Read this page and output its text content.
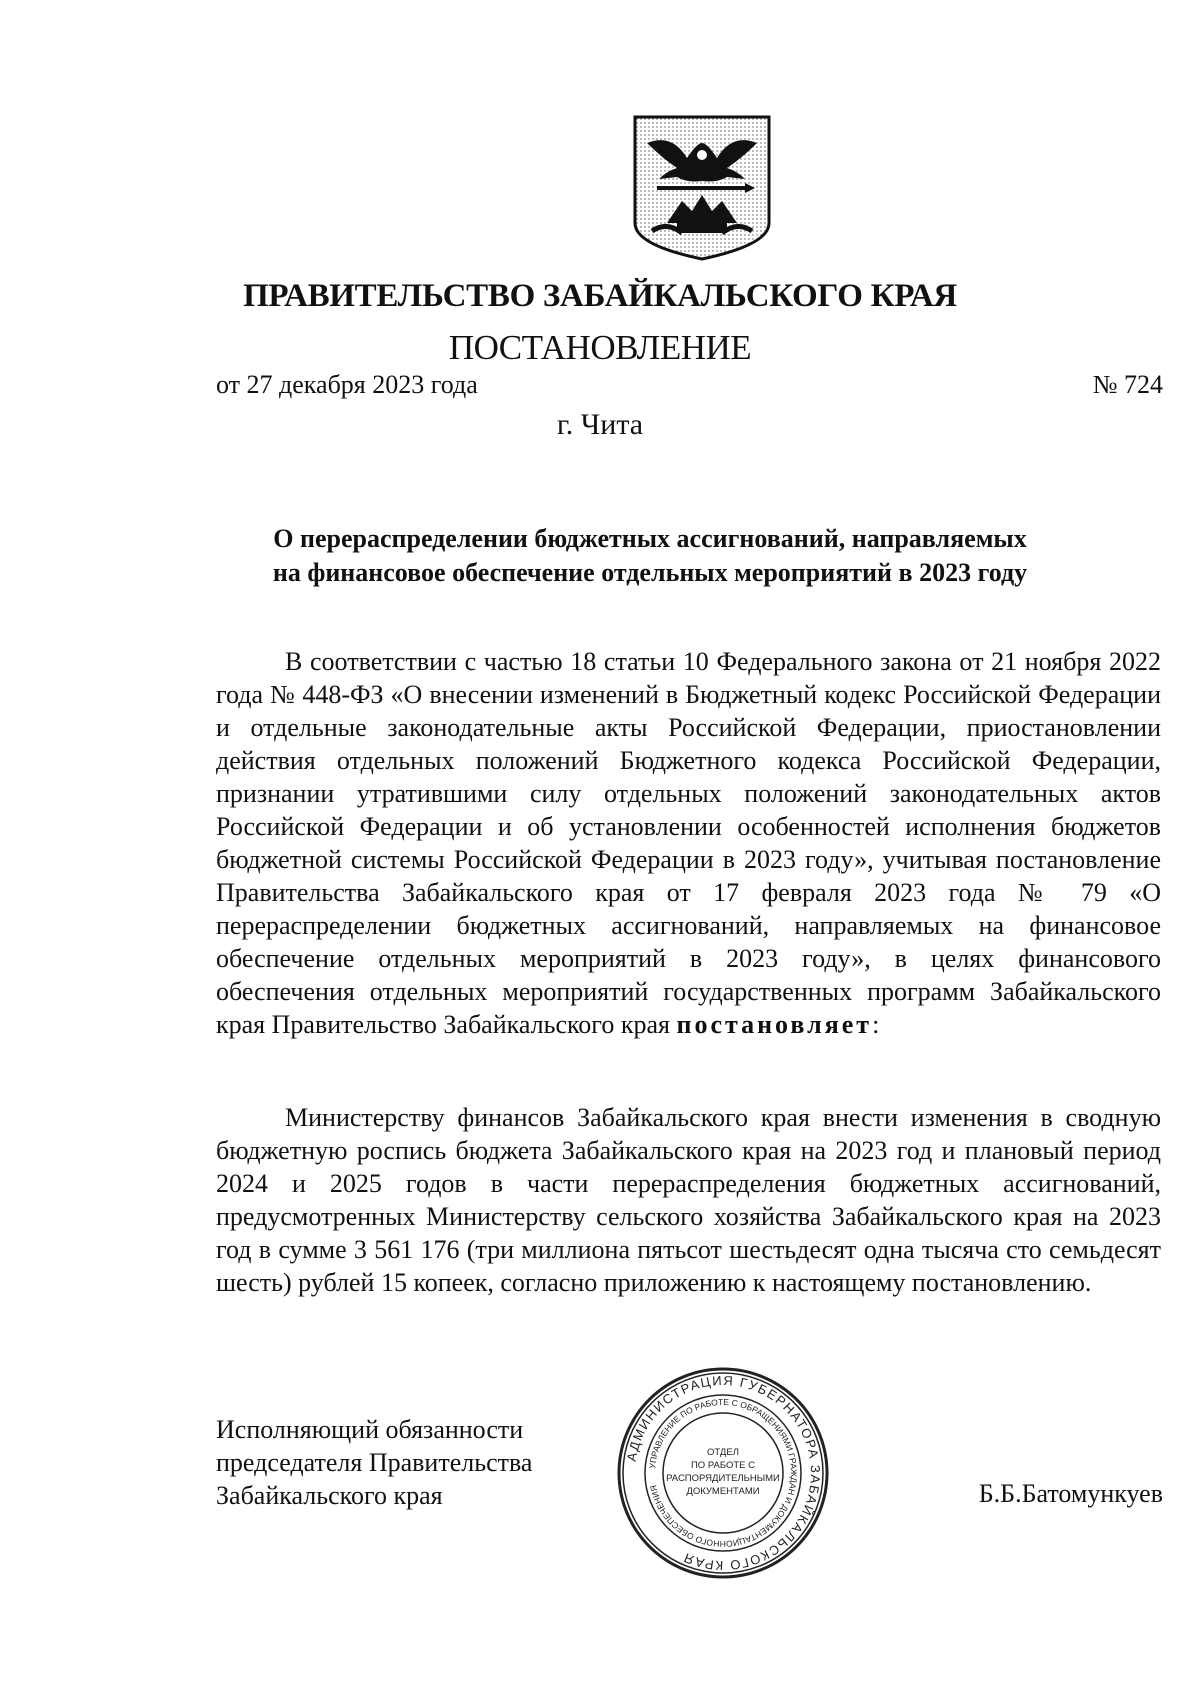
ПРАВИТЕЛЬСТВО ЗАБАЙКАЛЬСКОГО КРАЯ
ПОСТАНОВЛЕНИЕ
от 27 декабря 2023 года	№ 724
г. Чита
О перераспределении бюджетных ассигнований, направляемых
на финансовое обеспечение отдельных мероприятий в 2023 году
В соответствии с частью 18 статьи 10 Федерального закона от 21 ноября 2022 года № 448-ФЗ «О внесении изменений в Бюджетный кодекс Российской Федерации и отдельные законодательные акты Российской Федерации, приостановлении действия отдельных положений Бюджетного кодекса Российской Федерации, признании утратившими силу отдельных положений законодательных актов Российской Федерации и об установлении особенностей исполнения бюджетов бюджетной системы Российской Федерации в 2023 году», учитывая постановление Правительства Забайкальского края от 17 февраля 2023 года № 79 «О перераспределении бюджетных ассигнований, направляемых на финансовое обеспечение отдельных мероприятий в 2023 году», в целях финансового обеспечения отдельных мероприятий государственных программ Забайкальского края Правительство Забайкальского края постановляет:
Министерству финансов Забайкальского края внести изменения в сводную бюджетную роспись бюджета Забайкальского края на 2023 год и плановый период 2024 и 2025 годов в части перераспределения бюджетных ассигнований, предусмотренных Министерству сельского хозяйства Забайкальского края на 2023 год в сумме 3 561 176 (три миллиона пятьсот шестьдесят одна тысяча сто семьдесят шесть) рублей 15 копеек, согласно приложению к настоящему постановлению.
Исполняющий обязанности
председателя Правительства
Забайкальского края
АДМИНИСТРАЦИЯ ГУБЕРНАТОРА ЗАБАЙКАЛЬСКОГО КРАЯ
УПРАВЛЕНИЕ ПО РАБОТЕ С ОБРАЩЕНИЯМИ ГРАЖДАН И ДОКУМЕНТАЦИОННОГО ОБЕСПЕЧЕНИЯ
ОТДЕЛ
ПО РАБОТЕ С
РАСПОРЯДИТЕЛЬНЫМИ
ДОКУМЕНТАМИ	Б.Б.Батомункуев
